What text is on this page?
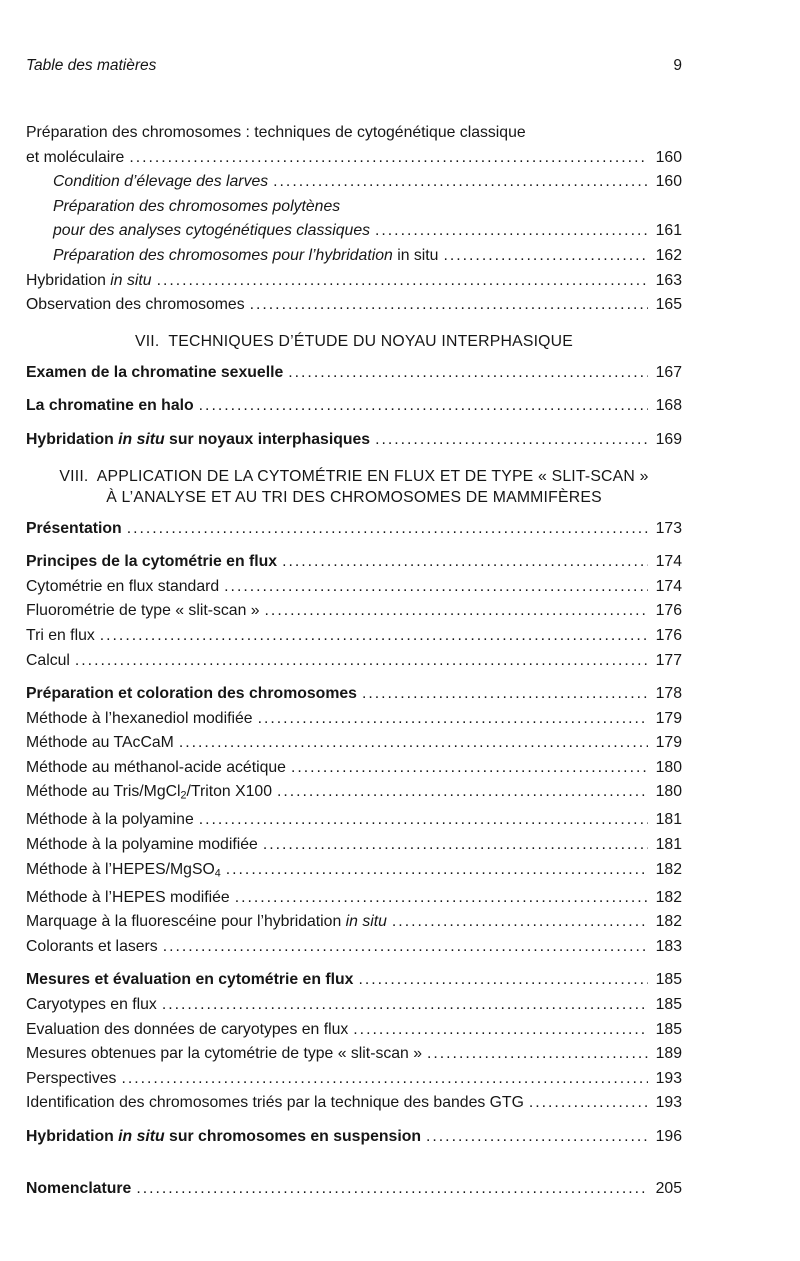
Table des matières	9
Préparation des chromosomes : techniques de cytogénétique classique
et moléculaire .....	160
Condition d’élevage des larves .....	160
Préparation des chromosomes polytènes
pour des analyses cytogénétiques classiques .....	161
Préparation des chromosomes pour l’hybridation in situ .....	162
Hybridation in situ .....	163
Observation des chromosomes .....	165
VII.  TECHNIQUES D’ÉTUDE DU NOYAU INTERPHASIQUE
Examen de la chromatine sexuelle .....	167
La chromatine en halo .....	168
Hybridation in situ sur noyaux interphasiques .....	169
VIII.  APPLICATION DE LA CYTOMÉTRIE EN FLUX ET DE TYPE « SLIT-SCAN »
À L’ANALYSE ET AU TRI DES CHROMOSOMES DE MAMMIFÈRES
Présentation .....	173
Principes de la cytométrie en flux .....	174
Cytométrie en flux standard .....	174
Fluorométrie de type « slit-scan » .....	176
Tri en flux .....	176
Calcul .....	177
Préparation et coloration des chromosomes .....	178
Méthode à l’hexanediol modifiée .....	179
Méthode au TAcCaM .....	179
Méthode au méthanol-acide acétique .....	180
Méthode au Tris/MgCl$_2$/Triton X100 .....	180
Méthode à la polyamine .....	181
Méthode à la polyamine modifiée .....	181
Méthode à l’HEPES/MgSO$_4$ .....	182
Méthode à l’HEPES modifiée .....	182
Marquage à la fluorescéine pour l’hybridation in situ .....	182
Colorants et lasers .....	183
Mesures et évaluation en cytométrie en flux .....	185
Caryotypes en flux .....	185
Evaluation des données de caryotypes en flux .....	185
Mesures obtenues par la cytométrie de type « slit-scan » .....	189
Perspectives .....	193
Identification des chromosomes triés par la technique des bandes GTG .....	193
Hybridation in situ sur chromosomes en suspension .....	196
Nomenclature .....	205
